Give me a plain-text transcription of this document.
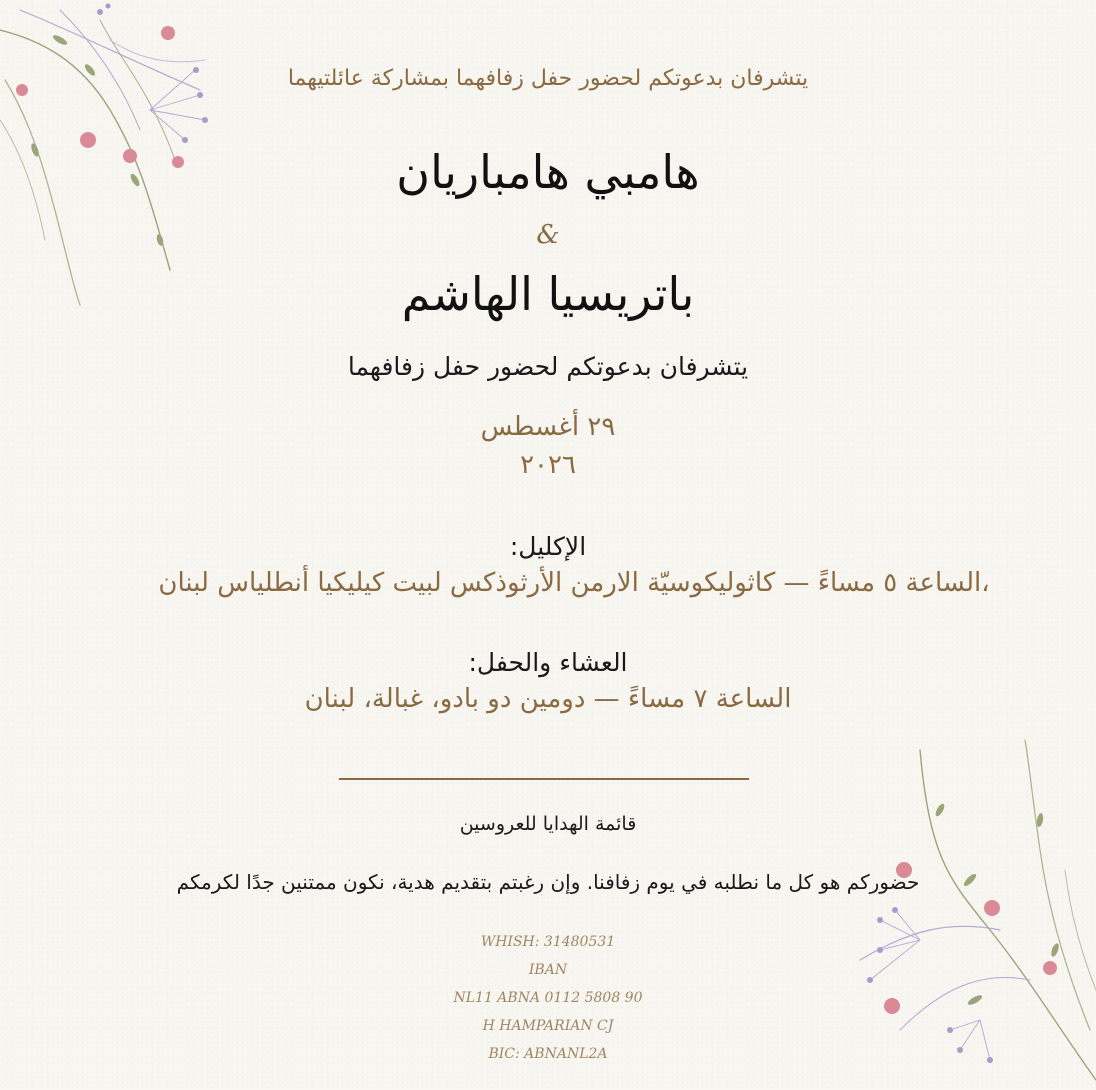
يتشرفان بدعوتكم لحضور حفل زفافهما بمشاركة عائلتيهما
هامبي هامباريان
&
باتريسيا الهاشم
يتشرفان بدعوتكم لحضور حفل زفافهما
٢٩ أغسطس
٢٠٢٦
:الإكليل
الساعة ٥ مساءً — كاثوليكوسيّة الارمن الأرثوذكس لبيت كيليكيا أنطلياس لبنان،
:العشاء والحفل
الساعة ٧ مساءً — دومين دو بادو، غبالة، لبنان
قائمة الهدايا للعروسين
حضوركم هو كل ما نطلبه في يوم زفافنا. وإن رغبتم بتقديم هدية، نكون ممتنين جدًا لكرمكم
WHISH: 31480531
IBAN
NL11 ABNA 0112 5808 90
H HAMPARIAN CJ
BIC: ABNANL2A
